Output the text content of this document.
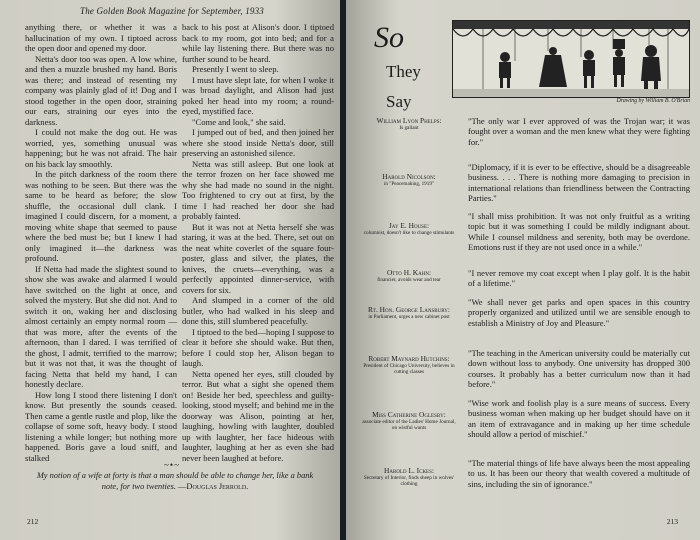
The Golden Book Magazine for September, 1933

anything there, or whether it was a hallucination of my own. I tiptoed across the open door and opened my door.

Netta's door too was open. A low whine, and then a muzzle brushed my hand. Boris was there; and instead of resenting my company was plainly glad of it! Dog and I stood together in the open door, straining our ears, straining our eyes into the darkness.

I could not make the dog out. He was worried, yes, something unusual was happening; but he was not afraid. The hair on his back lay smoothly.

In the pitch darkness of the room there was nothing to be seen. But there was the same to be heard as before; the slow shuffle, the occasional dull clank. I imagined I could discern, for a moment, a moving white shape that seemed to pause where the bed must be; but I knew I had only imagined it—the darkness was profound.

If Netta had made the slightest sound to show she was awake and alarmed I would have switched on the light at once, and solved the mystery. But she did not. And to switch it on, waking her and disclosing almost certainly an empty normal room — that was more, after the events of the afternoon, than I dared. I was terrified of the ghost, I admit, terrified to the marrow; but it was not that, it was the thought of facing Netta that held my hand, I can honestly declare.

How long I stood there listening I don't know. But presently the sounds ceased. Then came a gentle rustle and plop, like the collapse of some soft, heavy body. I stood listening a while longer; but nothing more happened. Boris gave a loud sniff, and stalked

back to his post at Alison's door. I tiptoed back to my room, got into bed; and for a while lay listening there. But there was no further sound to be heard.

Presently I went to sleep.

I must have slept late, for when I woke it was broad daylight, and Alison had just poked her head into my room; a round-eyed, mystified face.

"Come and look," she said.

I jumped out of bed, and then joined her where she stood inside Netta's door, still preserving an astonished silence.

Netta was still asleep. But one look at the terror frozen on her face showed me why she had made no sound in the night. Too frightened to cry out at first, by the time I had reached her door she had probably fainted.

But it was not at Netta herself she was staring, it was at the bed. There, set out on the neat white coverlet of the square four-poster, glass and silver, the plates, the knives, the cruets—everything, was a perfectly appointed dinner-service, with covers for six.

And slumped in a corner of the old butler, who had walked in his sleep and done this, still slumbered peacefully.

I tiptoed to the bed—hoping I suppose to clear it before she should wake. But then, before I could stop her, Alison began to laugh.

Netta opened her eyes, still clouded by terror. But what a sight she opened them on! Beside her bed, speechless and guilty-looking, stood myself; and behind me in the doorway was Alison, pointing at her, laughing, howling with laughter, doubled up with laughter, her face hideous with laughter, laughing at her as even she had never been laughed at before.

~•~
My notion of a wife at forty is that a man should be able to change her, like a bank note, for two twenties. —Douglas Jerrold.
212
So
They
Say	Drawing by William B. O'Brian
William Lyon Phelps:
Is gallant
"The only war I ever approved of was the Trojan war; it was fought over a woman and the men knew what they were fighting for."
Harold Nicolson:
in "Peacemaking, 1919"
"Diplomacy, if it is ever to be effective, should be a disagreeable business. . . . There is nothing more damaging to precision in international relations than friendliness between the Contracting Parties."
Jay E. House:
columnist, doesn't like to change stimulants
"I shall miss prohibition. It was not only fruitful as a writing topic but it was something I could be mildly indignant about. While I counsel mildness and serenity, both may be overdone. Emotions rust if they are not used once in a while."
Otto H. Kahn:
financier, avoids wear and tear
"I never remove my coat except when I play golf. It is the habit of a lifetime."
Rt. Hon. George Lansbury:
in Parliament, urges a new cabinet post
"We shall never get parks and open spaces in this country properly organized and utilized until we are sensible enough to establish a Ministry of Joy and Pleasure."
Robert Maynard Hutchins:
President of Chicago University, believes in cutting classes
"The teaching in the American university could be materially cut down without loss to anybody. One university has dropped 300 courses. It probably has a better curriculum now than it had before."
Miss Catherine Oglesby:
associate editor of the Ladies' Home Journal, on wistful wants
"Wise work and foolish play is a sure means of success. Every business woman when making up her budget should have on it an item of extravagance and in making up her time schedule should allow a period of mischief."
Harold L. Ickes:
Secretary of Interior, finds sheep in wolves' clothing
"The material things of life have always been the most appealing to us. It has been our theory that wealth covered a multitude of sins, including the sin of ignorance."
213
